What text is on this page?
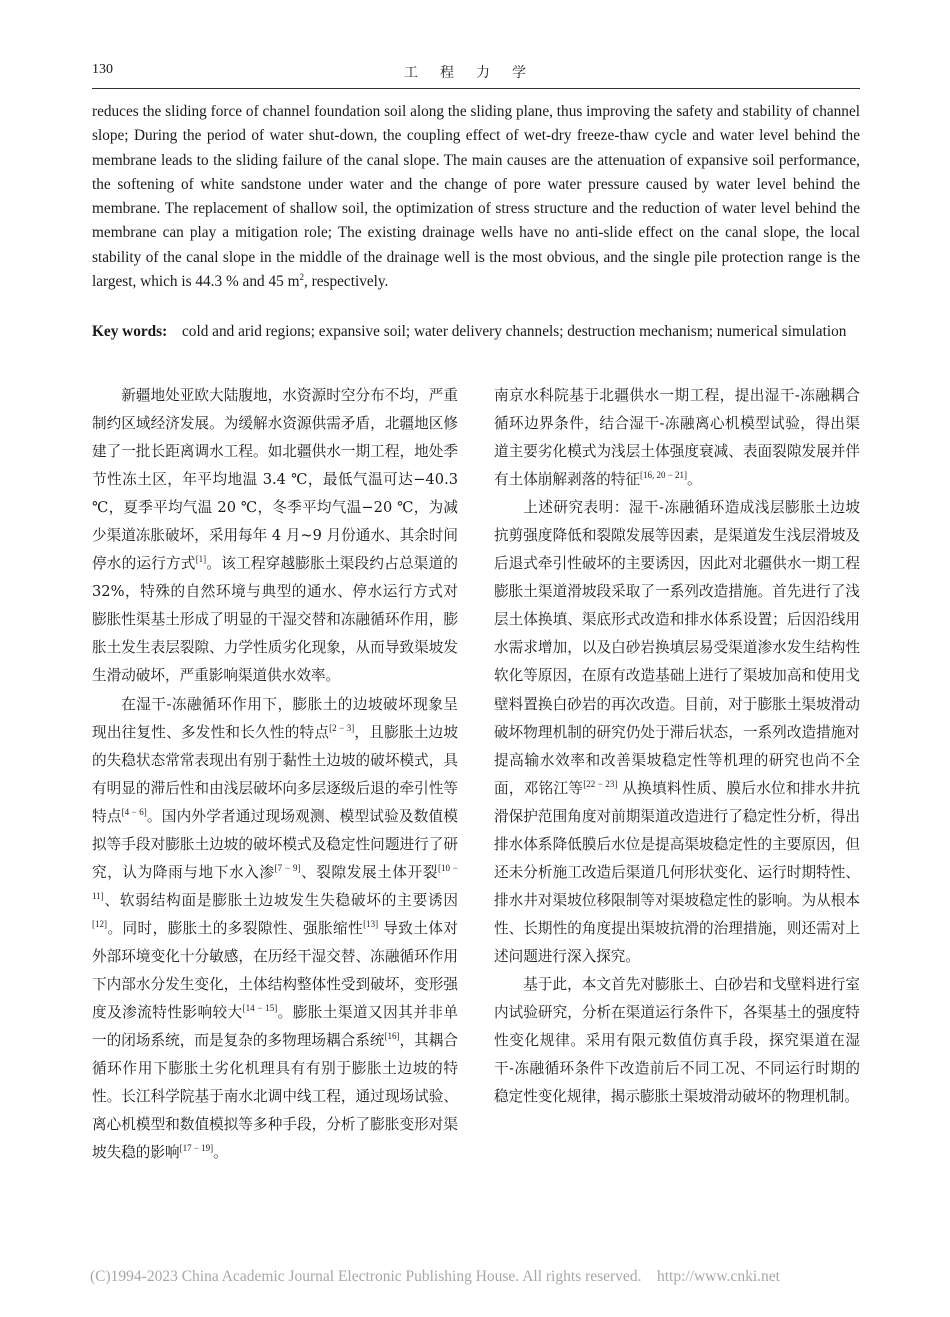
130	工程力学

reduces the sliding force of channel foundation soil along the sliding plane, thus improving the safety and stability of channel slope; During the period of water shut-down, the coupling effect of wet-dry freeze-thaw cycle and water level behind the membrane leads to the sliding failure of the canal slope. The main causes are the attenuation of expansive soil performance, the softening of white sandstone under water and the change of pore water pressure caused by water level behind the membrane. The replacement of shallow soil, the optimization of stress structure and the reduction of water level behind the membrane can play a mitigation role; The existing drainage wells have no anti-slide effect on the canal slope, the local stability of the canal slope in the middle of the drainage well is the most obvious, and the single pile protection range is the largest, which is 44.3 % and 45 $m^2$, respectively.

Key words: cold and arid regions; expansive soil; water delivery channels; destruction mechanism; numerical simulation

新疆地处亚欧大陆腹地，水资源时空分布不均，严重制约区域经济发展。为缓解水资源供需矛盾，北疆地区修建了一批长距离调水工程。如北疆供水一期工程，地处季节性冻土区，年平均地温 3.4 ℃，最低气温可达−40.3 ℃，夏季平均气温 20 ℃，冬季平均气温−20 ℃，为减少渠道冻胀破坏，采用每年 4 月~9 月份通水、其余时间停水的运行方式[1]。该工程穿越膨胀土渠段约占总渠道的 32%，特殊的自然环境与典型的通水、停水运行方式对膨胀性渠基土形成了明显的干湿交替和冻融循环作用，膨胀土发生表层裂隙、力学性质劣化现象，从而导致渠坡发生滑动破坏，严重影响渠道供水效率。

在湿干-冻融循环作用下，膨胀土的边坡破坏现象呈现出往复性、多发性和长久性的特点[2 − 3]，且膨胀土边坡的失稳状态常常表现出有别于黏性土边坡的破坏模式，具有明显的滞后性和由浅层破坏向多层逐级后退的牵引性等特点[4 − 6]。国内外学者通过现场观测、模型试验及数值模拟等手段对膨胀土边坡的破坏模式及稳定性问题进行了研究，认为降雨与地下水入渗[7 − 9]、裂隙发展土体开裂[10 − 11]、软弱结构面是膨胀土边坡发生失稳破坏的主要诱因[12]。同时，膨胀土的多裂隙性、强胀缩性[13] 导致土体对外部环境变化十分敏感，在历经干湿交替、冻融循环作用下内部水分发生变化，土体结构整体性受到破坏，变形强度及渗流特性影响较大[14 − 15]。膨胀土渠道又因其并非单一的闭场系统，而是复杂的多物理场耦合系统[16]，其耦合循环作用下膨胀土劣化机理具有有别于膨胀土边坡的特性。长江科学院基于南水北调中线工程，通过现场试验、离心机模型和数值模拟等多种手段，分析了膨胀变形对渠坡失稳的影响[17 − 19]。

南京水科院基于北疆供水一期工程，提出湿干-冻融耦合循环边界条件，结合湿干-冻融离心机模型试验，得出渠道主要劣化模式为浅层土体强度衰减、表面裂隙发展并伴有土体崩解剥落的特征[16, 20 − 21]。

上述研究表明：湿干-冻融循环造成浅层膨胀土边坡抗剪强度降低和裂隙发展等因素，是渠道发生浅层滑坡及后退式牵引性破坏的主要诱因，因此对北疆供水一期工程膨胀土渠道滑坡段采取了一系列改造措施。首先进行了浅层土体换填、渠底形式改造和排水体系设置；后因沿线用水需求增加，以及白砂岩换填层易受渠道渗水发生结构性软化等原因，在原有改造基础上进行了渠坡加高和使用戈壁料置换白砂岩的再次改造。目前，对于膨胀土渠坡滑动破坏物理机制的研究仍处于滞后状态，一系列改造措施对提高输水效率和改善渠坡稳定性等机理的研究也尚不全面，邓铭江等[22 − 23] 从换填料性质、膜后水位和排水井抗滑保护范围角度对前期渠道改造进行了稳定性分析，得出排水体系降低膜后水位是提高渠坡稳定性的主要原因，但还未分析施工改造后渠道几何形状变化、运行时期特性、排水井对渠坡位移限制等对渠坡稳定性的影响。为从根本性、长期性的角度提出渠坡抗滑的治理措施，则还需对上述问题进行深入探究。

基于此，本文首先对膨胀土、白砂岩和戈壁料进行室内试验研究，分析在渠道运行条件下，各渠基土的强度特性变化规律。采用有限元数值仿真手段，探究渠道在湿干-冻融循环条件下改造前后不同工况、不同运行时期的稳定性变化规律，揭示膨胀土渠坡滑动破坏的物理机制。

(C)1994-2023 China Academic Journal Electronic Publishing House. All rights reserved. http://www.cnki.net
